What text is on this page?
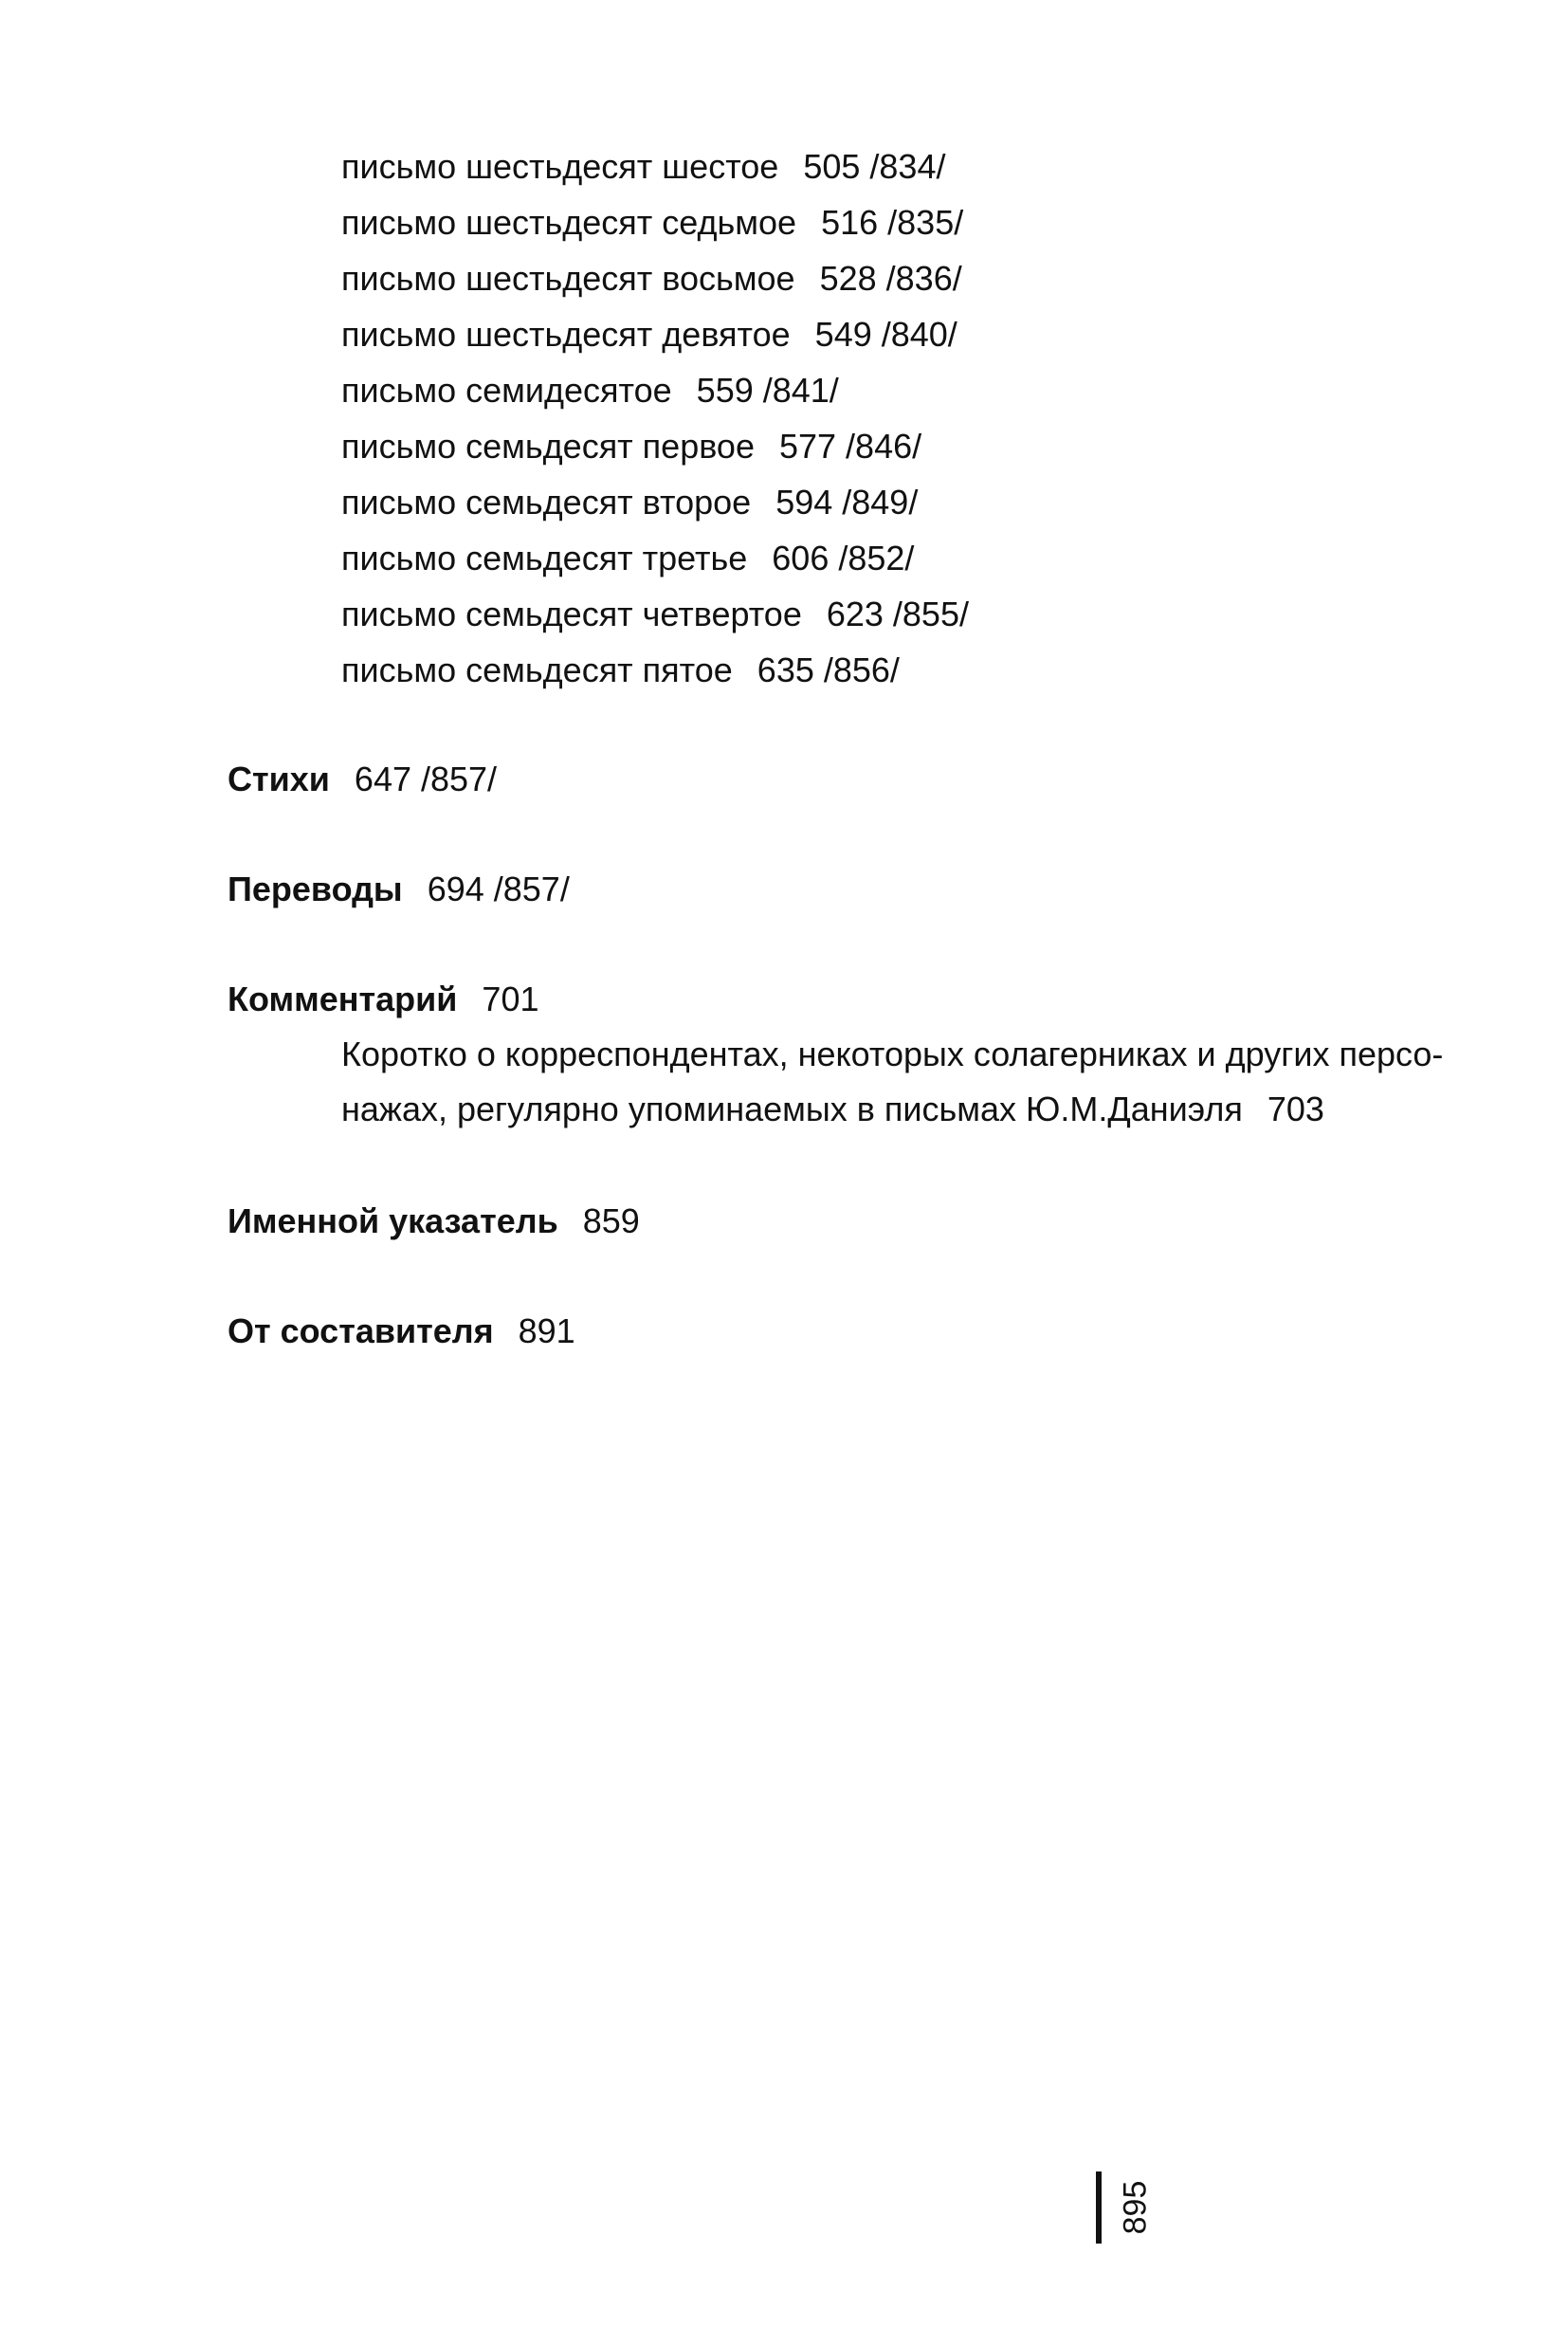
письмо шестьдесят шестое 505 /834/
письмо шестьдесят седьмое 516 /835/
письмо шестьдесят восьмое 528 /836/
письмо шестьдесят девятое 549 /840/
письмо семидесятое 559 /841/
письмо семьдесят первое 577 /846/
письмо семьдесят второе 594 /849/
письмо семьдесят третье 606 /852/
письмо семьдесят четвертое 623 /855/
письмо семьдесят пятое 635 /856/
Стихи 647 /857/
Переводы 694 /857/
Комментарий 701
Коротко о корреспондентах, некоторых солагерниках и других персо-
нажах, регулярно упоминаемых в письмах Ю.М.Даниэля 703
Именной указатель 859
От составителя 891
895
